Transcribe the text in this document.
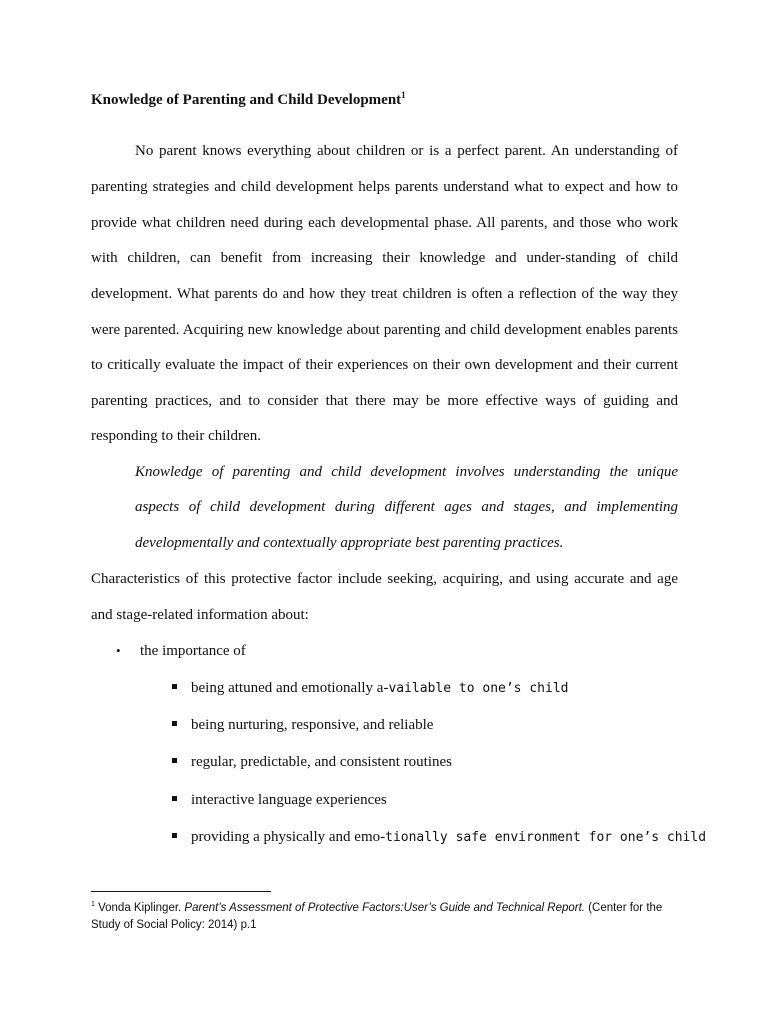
Knowledge of Parenting and Child Development$^1$
No parent knows everything about children or is a perfect parent. An understanding of
parenting strategies and child development helps parents understand what to expect and how to
provide what children need during each developmental phase. All parents, and those who work
with children, can benefit from increasing their knowledge and under-standing of child
development. What parents do and how they treat children is often a reflection of the way they
were parented. Acquiring new knowledge about parenting and child development enables parents
to critically evaluate the impact of their experiences on their own development and their current
parenting practices, and to consider that there may be more effective ways of guiding and
responding to their children.
Knowledge of parenting and child development involves understanding the unique
aspects of child development during different ages and stages, and implementing
developmentally and contextually appropriate best parenting practices.
Characteristics of this protective factor include seeking, acquiring, and using accurate and age
and stage-related information about:
• the importance of
being attuned and emotionally a-vailable to one’s child
being nurturing, responsive, and reliable
regular, predictable, and consistent routines
interactive language experiences
providing a physically and emo-tionally safe environment for one’s child
$^1$ Vonda Kiplinger. Parent’s Assessment of Protective Factors:User’s Guide and Technical Report. (Center for the
Study of Social Policy: 2014) p.1
